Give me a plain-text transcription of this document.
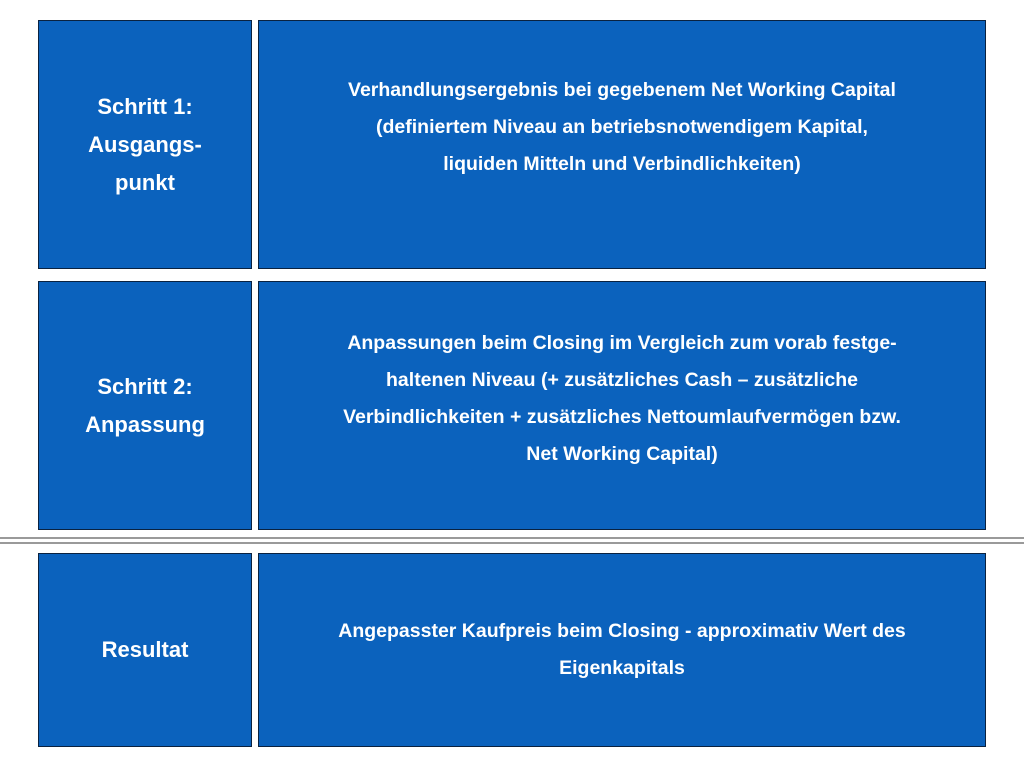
Schritt 1:
Ausgangs-
punkt
Verhandlungsergebnis bei gegebenem Net Working Capital
(definiertem Niveau an betriebsnotwendigem Kapital,
liquiden Mitteln und Verbindlichkeiten)
Schritt 2:
Anpassung
Anpassungen beim Closing im Vergleich zum vorab festge-
haltenen Niveau (+ zusätzliches Cash – zusätzliche
Verbindlichkeiten + zusätzliches Nettoumlaufvermögen bzw.
Net Working Capital)
Resultat
Angepasster Kaufpreis beim Closing - approximativ Wert des
Eigenkapitals
